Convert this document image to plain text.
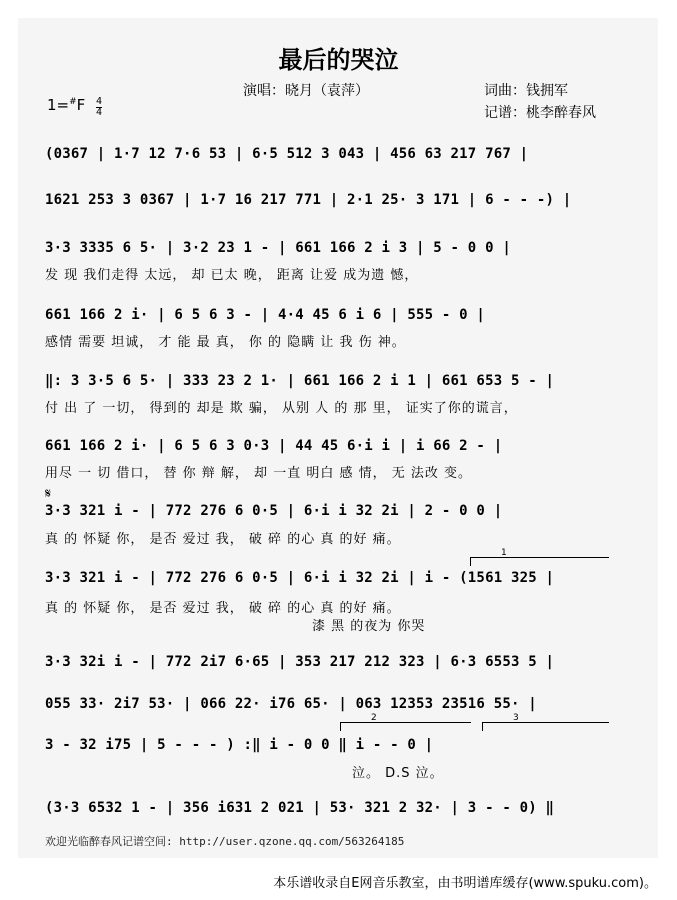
最后的哭泣
演唱：晓月（袁萍）	词曲：钱拥军
记谱：桃李醉春风
1=#F 4
4
(0367 | 1·7 12 7·6 53 | 6·5 512 3 043 | 456 63 217 767 |
1621 253 3 0367 | 1·7 16 217 771 | 2·1 25· 3 171 | 6 - - -) |
3·3 3335 6 5· | 3·2 23 1 - | 661 166 2 i 3 | 5 - 0 0 |
发 现 我们走得 太远， 却 已太 晚， 距离 让爱 成为遗 憾，
661 166 2 i· | 6 5 6 3 - | 4·4 45 6 i 6 | 555 - 0 |
感情 需要 坦诚， 才 能 最 真， 你 的 隐瞒 让 我 伤 神。
‖: 3 3·5 6 5· | 333 23 2 1· | 661 166 2 i 1 | 661 653 5 - |
付 出 了 一切， 得到的 却是 欺 骗， 从别 人 的 那 里， 证实了你的谎言，
661 166 2 i· | 6 5 6 3 0·3 | 44 45 6·i i | i 66 2 - |
用尽 一 切 借口， 替 你 辩 解， 却 一直 明白 感 情， 无 法改 变。
𝄋
3·3 321 i - | 772 276 6 0·5 | 6·i i 32 2i | 2 - 0 0 |
真 的 怀疑 你， 是否 爱过 我， 破 碎 的心 真 的好 痛。
1
3·3 321 i - | 772 276 6 0·5 | 6·i i 32 2i | i - (1561 325 |
真 的 怀疑 你， 是否 爱过 我， 破 碎 的心 真 的好 痛。
漆 黑 的夜为 你哭
3·3 32i i - | 772 2i7 6·65 | 353 217 212 323 | 6·3 6553 5 |
055 33· 2i7 53· | 066 22· i76 65· | 063 12353 23516 55· |
2	3
3 - 32 i75 | 5 - - - ) :‖ i - 0 0 ‖ i - - 0 |
泣。 D.S 泣。
(3·3 6532 1 - | 356 i631 2 021 | 53· 321 2 32· | 3 - - 0) ‖
欢迎光临醉春风记谱空间: http://user.qzone.qq.com/563264185
本乐谱收录自E网音乐教室，由书明谱库缓存(www.spuku.com)。
